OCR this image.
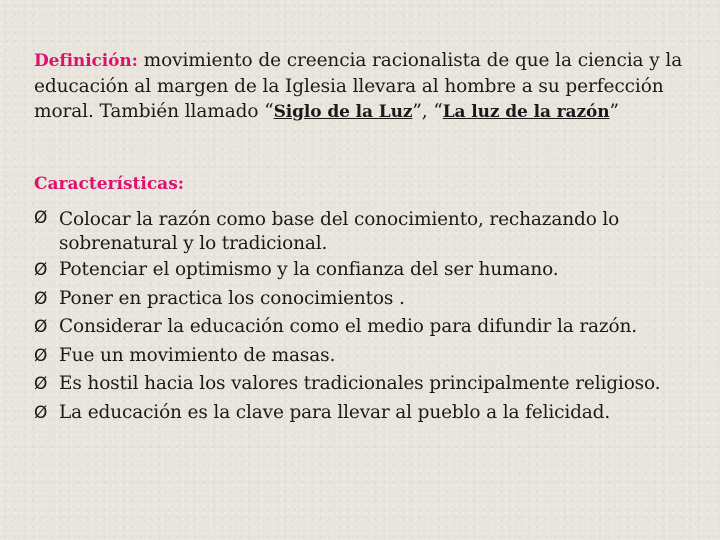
Definición: movimiento de creencia racionalista de que la ciencia y la educación al margen de la Iglesia llevara al hombre a su perfección moral. También llamado “Siglo de la Luz”, “La luz de la razón”

Características:

Ø Colocar la razón como base del conocimiento, rechazando lo sobrenatural y lo tradicional.
Ø Potenciar el optimismo y la confianza del ser humano.
Ø Poner en practica los conocimientos .
Ø Considerar la educación como el medio para difundir la razón.
Ø Fue un movimiento de masas.
Ø Es hostil hacia los valores tradicionales principalmente religioso.
Ø La educación es la clave para llevar al pueblo a la felicidad.
